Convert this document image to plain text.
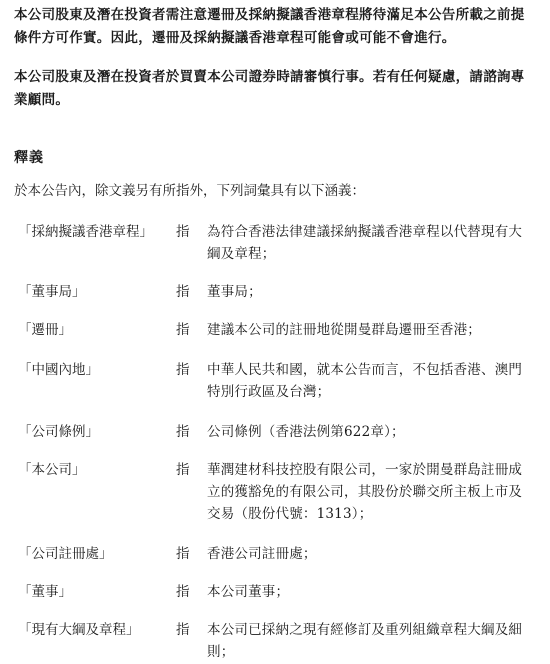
本公司股東及潛在投資者需注意遷冊及採納擬議香港章程將待滿足本公告所載之前提條件方可作實。因此，遷冊及採納擬議香港章程可能會或可能不會進行。
本公司股東及潛在投資者於買賣本公司證券時請審慎行事。若有任何疑慮，請諮詢專業顧問。
釋義
於本公告內，除文義另有所指外，下列詞彙具有以下涵義：
「採納擬議香港章程」	指	為符合香港法律建議採納擬議香港章程以代替現有大綱及章程；
「董事局」	指	董事局；
「遷冊」	指	建議本公司的註冊地從開曼群島遷冊至香港；
「中國內地」	指	中華人民共和國，就本公告而言，不包括香港、澳門特別行政區及台灣；
「公司條例」	指	公司條例（香港法例第622章）；
「本公司」	指	華潤建材科技控股有限公司，一家於開曼群島註冊成立的獲豁免的有限公司，其股份於聯交所主板上市及交易（股份代號：1313）；
「公司註冊處」	指	香港公司註冊處；
「董事」	指	本公司董事；
「現有大綱及章程」	指	本公司已採納之現有經修訂及重列組織章程大綱及細則；
